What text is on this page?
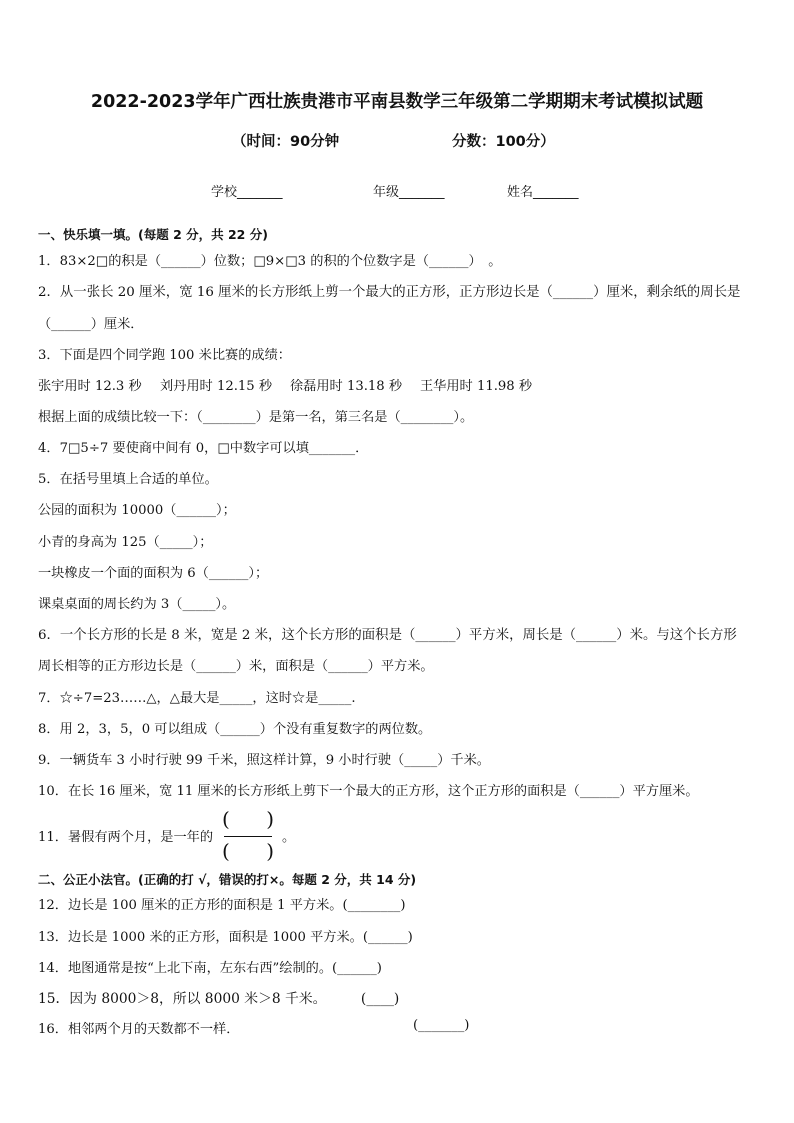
2022-2023学年广西壮族贵港市平南县数学三年级第二学期期末考试模拟试题
（时间：90分钟	分数：100分）
学校_______	年级_______	姓名_______
一、快乐填一填。(每题 2 分，共 22 分)
1．83×2□的积是（______）位数；□9×□3 的积的个位数字是（______）　。
2．从一张长 20 厘米，宽 16 厘米的长方形纸上剪一个最大的正方形，正方形边长是（______）厘米，剩余纸的周长是
（______）厘米．
3．下面是四个同学跑 100 米比赛的成绩：
张宇用时 12.3 秒 刘丹用时 12.15 秒 徐磊用时 13.18 秒 王华用时 11.98 秒
根据上面的成绩比较一下：（________）是第一名，第三名是（________）。
4．7□5÷7 要使商中间有 0，□中数字可以填_______．
5．在括号里填上合适的单位。
公园的面积为 10000（______）；
小青的身高为 125（_____）；
一块橡皮一个面的面积为 6（______）；
课桌桌面的周长约为 3（_____）。
6．一个长方形的长是 8 米，宽是 2 米，这个长方形的面积是（______）平方米，周长是（______）米。与这个长方形
周长相等的正方形边长是（______）米，面积是（______）平方米。
7．☆÷7=23……△，△最大是_____，这时☆是_____.
8．用 2，3，5，0 可以组成（______）个没有重复数字的两位数。
9．一辆货车 3 小时行驶 99 千米，照这样计算，9 小时行驶（_____）千米。
10．在长 16 厘米，宽 11 厘米的长方形纸上剪下一个最大的正方形，这个正方形的面积是（______）平方厘米。
11．暑假有两个月，是一年的
( )
( )
。
二、公正小法官。(正确的打 √，错误的打×。每题 2 分，共 14 分)
12．边长是 100 厘米的正方形的面积是 1 平方米。(________)
13．边长是 1000 米的正方形，面积是 1000 平方米。(______)
14．地图通常是按“上北下南，左东右西”绘制的。(______)
15．因为 8000＞8，所以 8000 米＞8 千米。　　　(____)
16．相邻两个月的天数都不一样．	(_______)
